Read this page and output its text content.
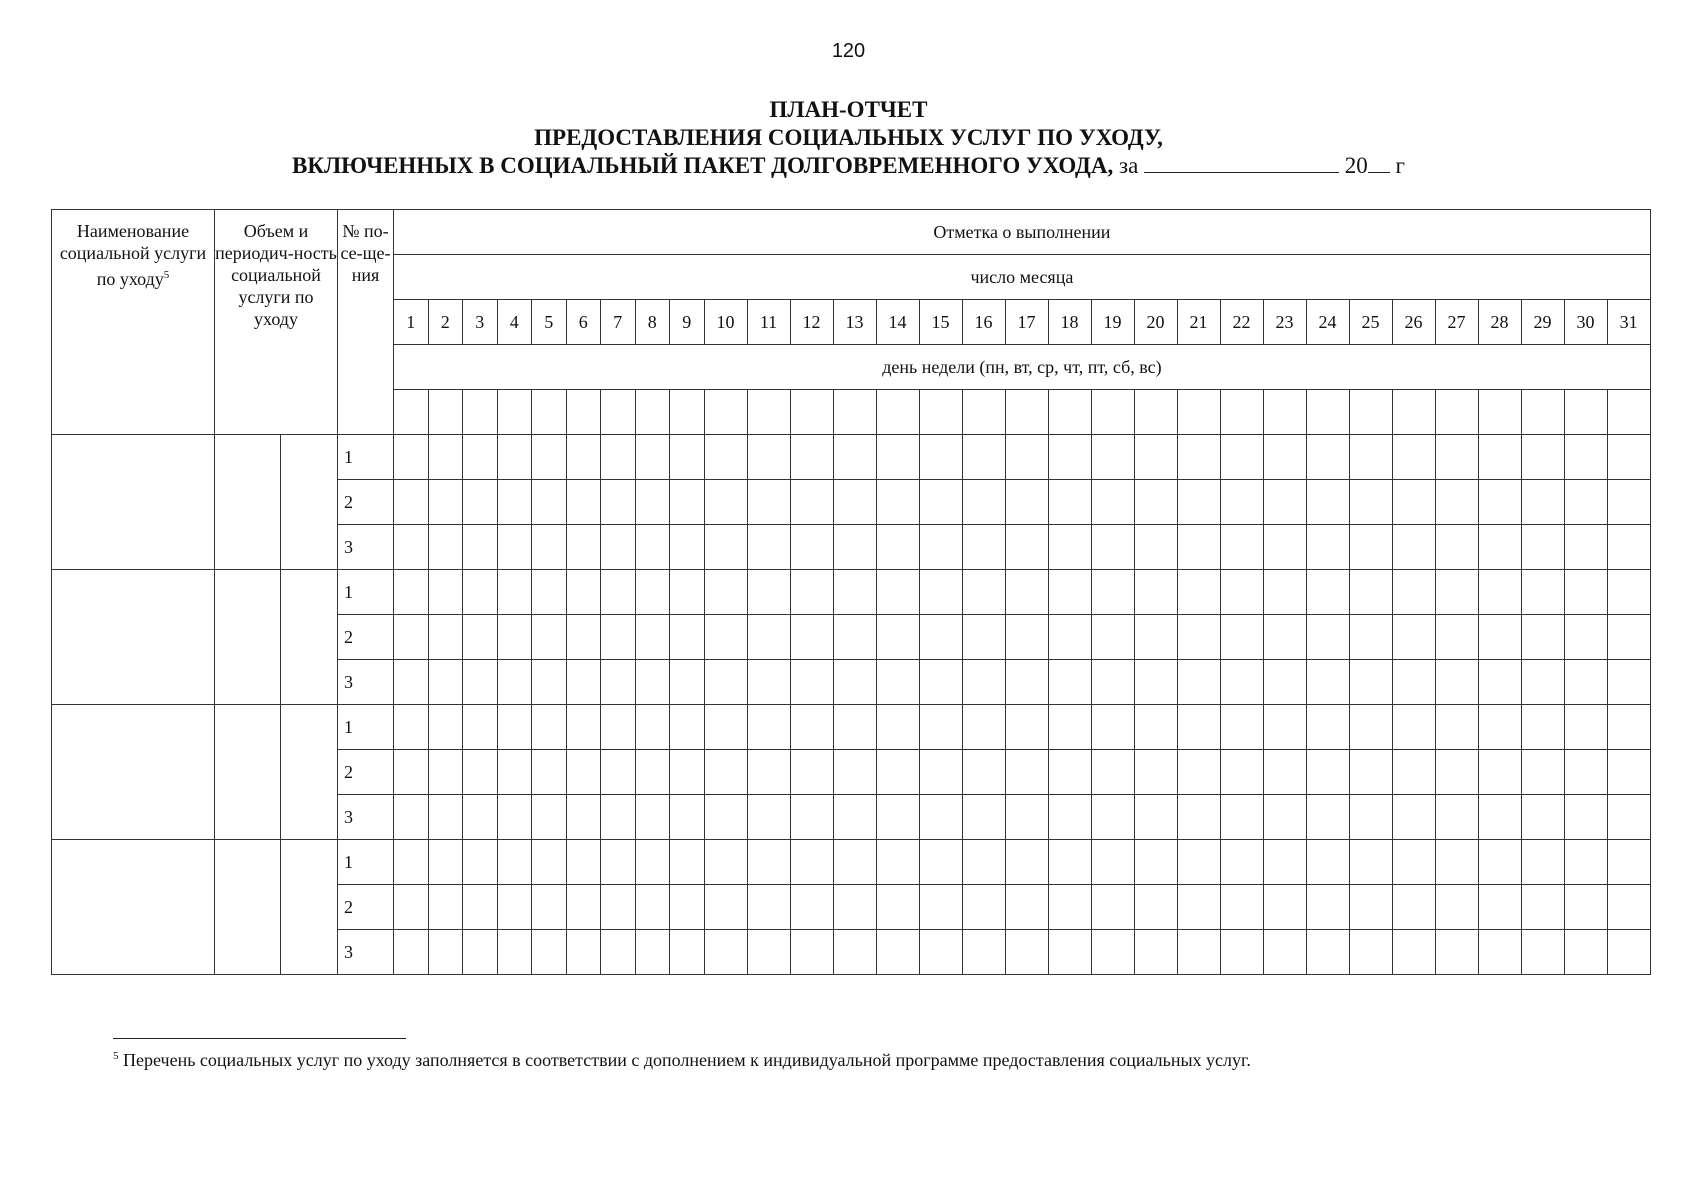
120
ПЛАН-ОТЧЕТ
ПРЕДОСТАВЛЕНИЯ СОЦИАЛЬНЫХ УСЛУГ ПО УХОДУ,
ВКЛЮЧЕННЫХ В СОЦИАЛЬНЫЙ ПАКЕТ ДОЛГОВРЕМЕННОГО УХОДА, за	20 г
Наименование социальной услуги по уходу$^5$	Объем и периодич-ность социальной услуги по уходу		№ по-се-ще-ния	Отметка о выполнении																														
				число месяца																														
				1	2	3	4	5	6	7	8	9	10	11	12	13	14	15	16	17	18	19	20	21	22	23	24	25	26	27	28	29	30	31
				день недели (пн, вт, ср, чт, пт, сб, вс)																														

			1																															
			2																															
			3																															
			1																															
			2																															
			3																															
			1																															
			2																															
			3																															
			1																															
			2																															
			3																															
$^5$ Перечень социальных услуг по уходу заполняется в соответствии с дополнением к индивидуальной программе предоставления социальных услуг.
